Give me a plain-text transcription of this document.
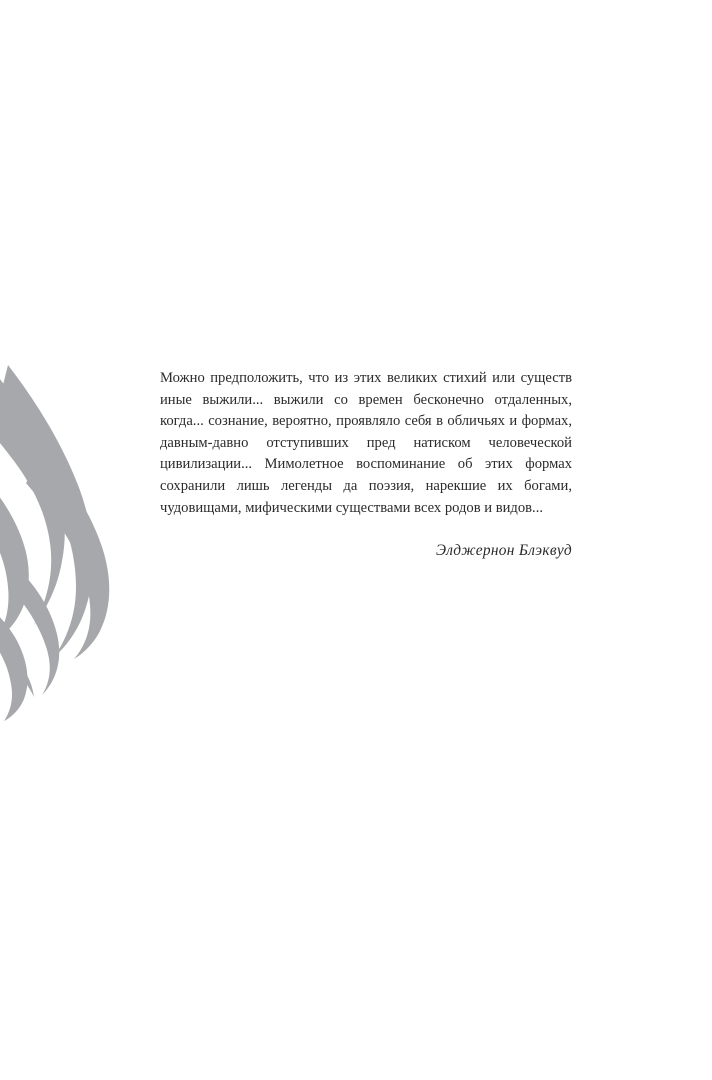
Можно предположить, что из этих великих стихий или существ иные выжили... выжили со времен бесконечно отдаленных, когда... сознание, вероятно, проявляло себя в обличьях и формах, давным-давно отступивших пред натиском человеческой цивилизации... Мимолетное воспоминание об этих формах сохранили лишь легенды да поэзия, нарекшие их богами, чудовищами, мифическими существами всех родов и видов...

Элджернон Блэквуд
